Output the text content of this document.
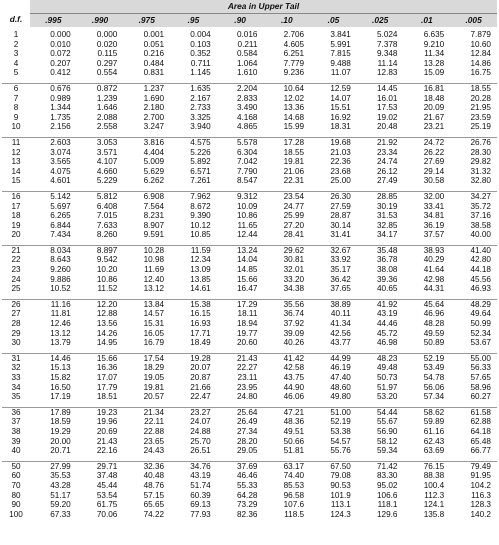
	Area in Upper Tail									
d.f.	.995	.990	.975	.95	.90	.10	.05	.025	.01	.005

1	0.000	0.000	0.001	0.004	0.016	2.706	3.841	5.024	6.635	7.879
2	0.010	0.020	0.051	0.103	0.211	4.605	5.991	7.378	9.210	10.60
3	0.072	0.115	0.216	0.352	0.584	6.251	7.815	9.348	11.34	12.84
4	0.207	0.297	0.484	0.711	1.064	7.779	9.488	11.14	13.28	14.86
5	0.412	0.554	0.831	1.145	1.610	9.236	11.07	12.83	15.09	16.75

6	0.676	0.872	1.237	1.635	2.204	10.64	12.59	14.45	16.81	18.55
7	0.989	1.239	1.690	2.167	2.833	12.02	14.07	16.01	18.48	20.28
8	1.344	1.646	2.180	2.733	3.490	13.36	15.51	17.53	20.09	21.95
9	1.735	2.088	2.700	3.325	4.168	14.68	16.92	19.02	21.67	23.59
10	2.156	2.558	3.247	3.940	4.865	15.99	18.31	20.48	23.21	25.19

11	2.603	3.053	3.816	4.575	5.578	17.28	19.68	21.92	24.72	26.76
12	3.074	3.571	4.404	5.226	6.304	18.55	21.03	23.34	26.22	28.30
13	3.565	4.107	5.009	5.892	7.042	19.81	22.36	24.74	27.69	29.82
14	4.075	4.660	5.629	6.571	7.790	21.06	23.68	26.12	29.14	31.32
15	4.601	5.229	6.262	7.261	8.547	22.31	25.00	27.49	30.58	32.80

16	5.142	5.812	6.908	7.962	9.312	23.54	26.30	28.85	32.00	34.27
17	5.697	6.408	7.564	8.672	10.09	24.77	27.59	30.19	33.41	35.72
18	6.265	7.015	8.231	9.390	10.86	25.99	28.87	31.53	34.81	37.16
19	6.844	7.633	8.907	10.12	11.65	27.20	30.14	32.85	36.19	38.58
20	7.434	8.260	9.591	10.85	12.44	28.41	31.41	34.17	37.57	40.00

21	8.034	8.897	10.28	11.59	13.24	29.62	32.67	35.48	38.93	41.40
22	8.643	9.542	10.98	12.34	14.04	30.81	33.92	36.78	40.29	42.80
23	9.260	10.20	11.69	13.09	14.85	32.01	35.17	38.08	41.64	44.18
24	9.886	10.86	12.40	13.85	15.66	33.20	36.42	39.36	42.98	45.56
25	10.52	11.52	13.12	14.61	16.47	34.38	37.65	40.65	44.31	46.93

26	11.16	12.20	13.84	15.38	17.29	35.56	38.89	41.92	45.64	48.29
27	11.81	12.88	14.57	16.15	18.11	36.74	40.11	43.19	46.96	49.64
28	12.46	13.56	15.31	16.93	18.94	37.92	41.34	44.46	48.28	50.99
29	13.12	14.26	16.05	17.71	19.77	39.09	42.56	45.72	49.59	52.34
30	13.79	14.95	16.79	18.49	20.60	40.26	43.77	46.98	50.89	53.67

31	14.46	15.66	17.54	19.28	21.43	41.42	44.99	48.23	52.19	55.00
32	15.13	16.36	18.29	20.07	22.27	42.58	46.19	49.48	53.49	56.33
33	15.82	17.07	19.05	20.87	23.11	43.75	47.40	50.73	54.78	57.65
34	16.50	17.79	19.81	21.66	23.95	44.90	48.60	51.97	56.06	58.96
35	17.19	18.51	20.57	22.47	24.80	46.06	49.80	53.20	57.34	60.27

36	17.89	19.23	21.34	23.27	25.64	47.21	51.00	54.44	58.62	61.58
37	18.59	19.96	22.11	24.07	26.49	48.36	52.19	55.67	59.89	62.88
38	19.29	20.69	22.88	24.88	27.34	49.51	53.38	56.90	61.16	64.18
39	20.00	21.43	23.65	25.70	28.20	50.66	54.57	58.12	62.43	65.48
40	20.71	22.16	24.43	26.51	29.05	51.81	55.76	59.34	63.69	66.77

50	27.99	29.71	32.36	34.76	37.69	63.17	67.50	71.42	76.15	79.49
60	35.53	37.48	40.48	43.19	46.46	74.40	79.08	83.30	88.38	91.95
70	43.28	45.44	48.76	51.74	55.33	85.53	90.53	95.02	100.4	104.2
80	51.17	53.54	57.15	60.39	64.28	96.58	101.9	106.6	112.3	116.3
90	59.20	61.75	65.65	69.13	73.29	107.6	113.1	118.1	124.1	128.3
100	67.33	70.06	74.22	77.93	82.36	118.5	124.3	129.6	135.8	140.2
